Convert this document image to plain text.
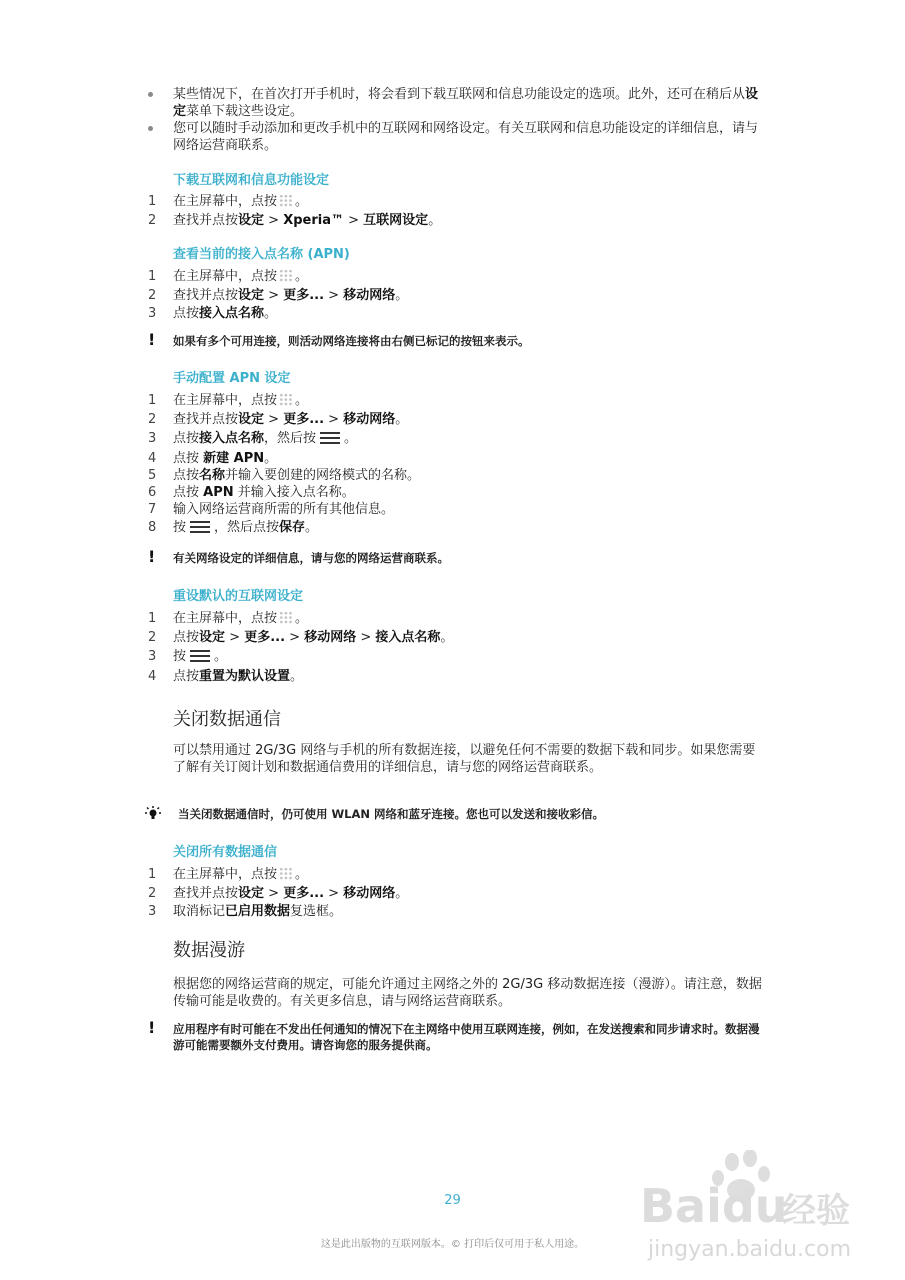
某些情况下，在首次打开手机时，将会看到下载互联网和信息功能设定的选项。此外，还可在稍后从设定菜单下载这些设定。
您可以随时手动添加和更改手机中的互联网和网络设定。有关互联网和信息功能设定的详细信息，请与网络运营商联系。
下载互联网和信息功能设定
1	在主屏幕中，点按 。
2	查找并点按设定 > Xperia™ > 互联网设定。
查看当前的接入点名称 (APN)
1	在主屏幕中，点按 。
2	查找并点按设定 > 更多... > 移动网络。
3	点按接入点名称。
! 如果有多个可用连接，则活动网络连接将由右侧已标记的按钮来表示。
手动配置 APN 设定
1	在主屏幕中，点按 。
2	查找并点按设定 > 更多... > 移动网络。
3	点按接入点名称，然后按 。
4	点按 新建 APN。
5	点按名称并输入要创建的网络模式的名称。
6	点按 APN 并输入接入点名称。
7	输入网络运营商所需的所有其他信息。
8	按 ，然后点按保存。
! 有关网络设定的详细信息，请与您的网络运营商联系。
重设默认的互联网设定
1	在主屏幕中，点按 。
2	点按设定 > 更多... > 移动网络 > 接入点名称。
3	按 。
4	点按重置为默认设置。
关闭数据通信
可以禁用通过 2G/3G 网络与手机的所有数据连接，以避免任何不需要的数据下载和同步。如果您需要了解有关订阅计划和数据通信费用的详细信息，请与您的网络运营商联系。
当关闭数据通信时，仍可使用 WLAN 网络和蓝牙连接。您也可以发送和接收彩信。
关闭所有数据通信
1	在主屏幕中，点按 。
2	查找并点按设定 > 更多... > 移动网络。
3	取消标记已启用数据复选框。
数据漫游
根据您的网络运营商的规定，可能允许通过主网络之外的 2G/3G 移动数据连接（漫游）。请注意，数据传输可能是收费的。有关更多信息，请与网络运营商联系。
! 应用程序有时可能在不发出任何通知的情况下在主网络中使用互联网连接，例如，在发送搜索和同步请求时。数据漫游可能需要额外支付费用。请咨询您的服务提供商。
Baidu
经验
jingyan.baidu.com
29
这是此出版物的互联网版本。© 打印后仅可用于私人用途。
